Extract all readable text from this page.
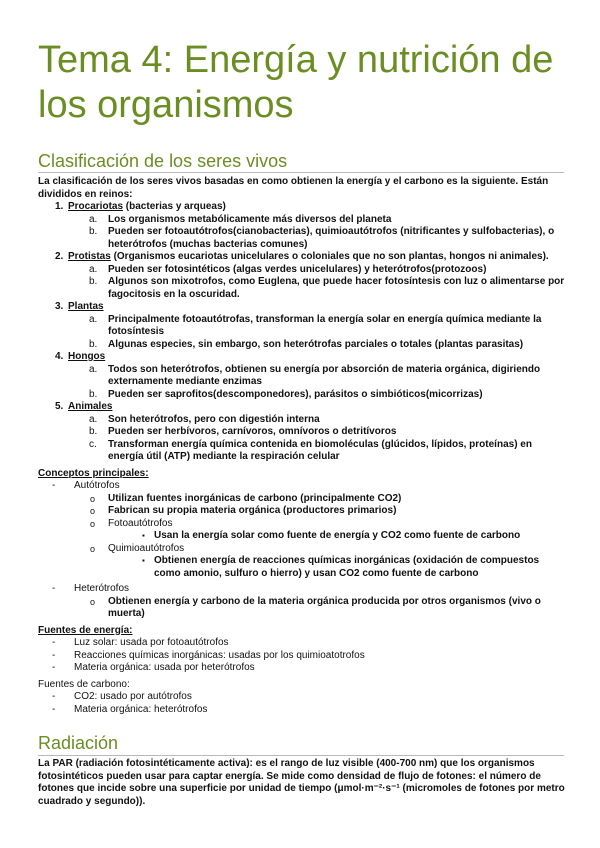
Tema 4: Energía y nutrición de los organismos
Clasificación de los seres vivos

La clasificación de los seres vivos basadas en como obtienen la energía y el carbono es la siguiente. Están divididos en reinos:

1. Procariotas (bacterias y arqueas)
a. Los organismos metabólicamente más diversos del planeta
b. Pueden ser fotoautótrofos(cianobacterias), quimioautótrofos (nitrificantes y sulfobacterias), o heterótrofos (muchas bacterias comunes)
2. Protistas (Organismos eucariotas unicelulares o coloniales que no son plantas, hongos ni animales).
a. Pueden ser fotosintéticos (algas verdes unicelulares) y heterótrofos(protozoos)
b. Algunos son mixotrofos, como Euglena, que puede hacer fotosíntesis con luz o alimentarse por fagocitosis en la oscuridad.
3. Plantas
a. Principalmente fotoautótrofas, transforman la energía solar en energía química mediante la fotosíntesis
b. Algunas especies, sin embargo, son heterótrofas parciales o totales (plantas parasitas)
4. Hongos
a. Todos son heterótrofos, obtienen su energía por absorción de materia orgánica, digiriendo externamente mediante enzimas
b. Pueden ser saprofitos(descomponedores), parásitos o simbióticos(micorrizas)
5. Animales
a. Son heterótrofos, pero con digestión interna
b. Pueden ser herbívoros, carnívoros, omnívoros o detritívoros
c. Transforman energía química contenida en biomoléculas (glúcidos, lípidos, proteínas) en energía útil (ATP) mediante la respiración celular
Conceptos principales:
- Autótrofos
o Utilizan fuentes inorgánicas de carbono (principalmente CO2)
o Fabrican su propia materia orgánica (productores primarios)
o Fotoautótrofos
▪ Usan la energía solar como fuente de energía y CO2 como fuente de carbono
o Quimioautótrofos
▪ Obtienen energía de reacciones químicas inorgánicas (oxidación de compuestos como amonio, sulfuro o hierro) y usan CO2 como fuente de carbono
- Heterótrofos
o Obtienen energía y carbono de la materia orgánica producida por otros organismos (vivo o muerta)
Fuentes de energía:
- Luz solar: usada por fotoautótrofos
- Reacciones químicas inorgánicas: usadas por los quimioatotrofos
- Materia orgánica: usada por heterótrofos
Fuentes de carbono:
- CO2: usado por autótrofos
- Materia orgánica: heterótrofos
Radiación

La PAR (radiación fotosintéticamente activa): es el rango de luz visible (400-700 nm) que los organismos fotosintéticos pueden usar para captar energía. Se mide como densidad de flujo de fotones: el número de fotones que incide sobre una superficie por unidad de tiempo (μmol·m⁻²·s⁻¹ (micromoles de fotones por metro cuadrado y segundo)).
